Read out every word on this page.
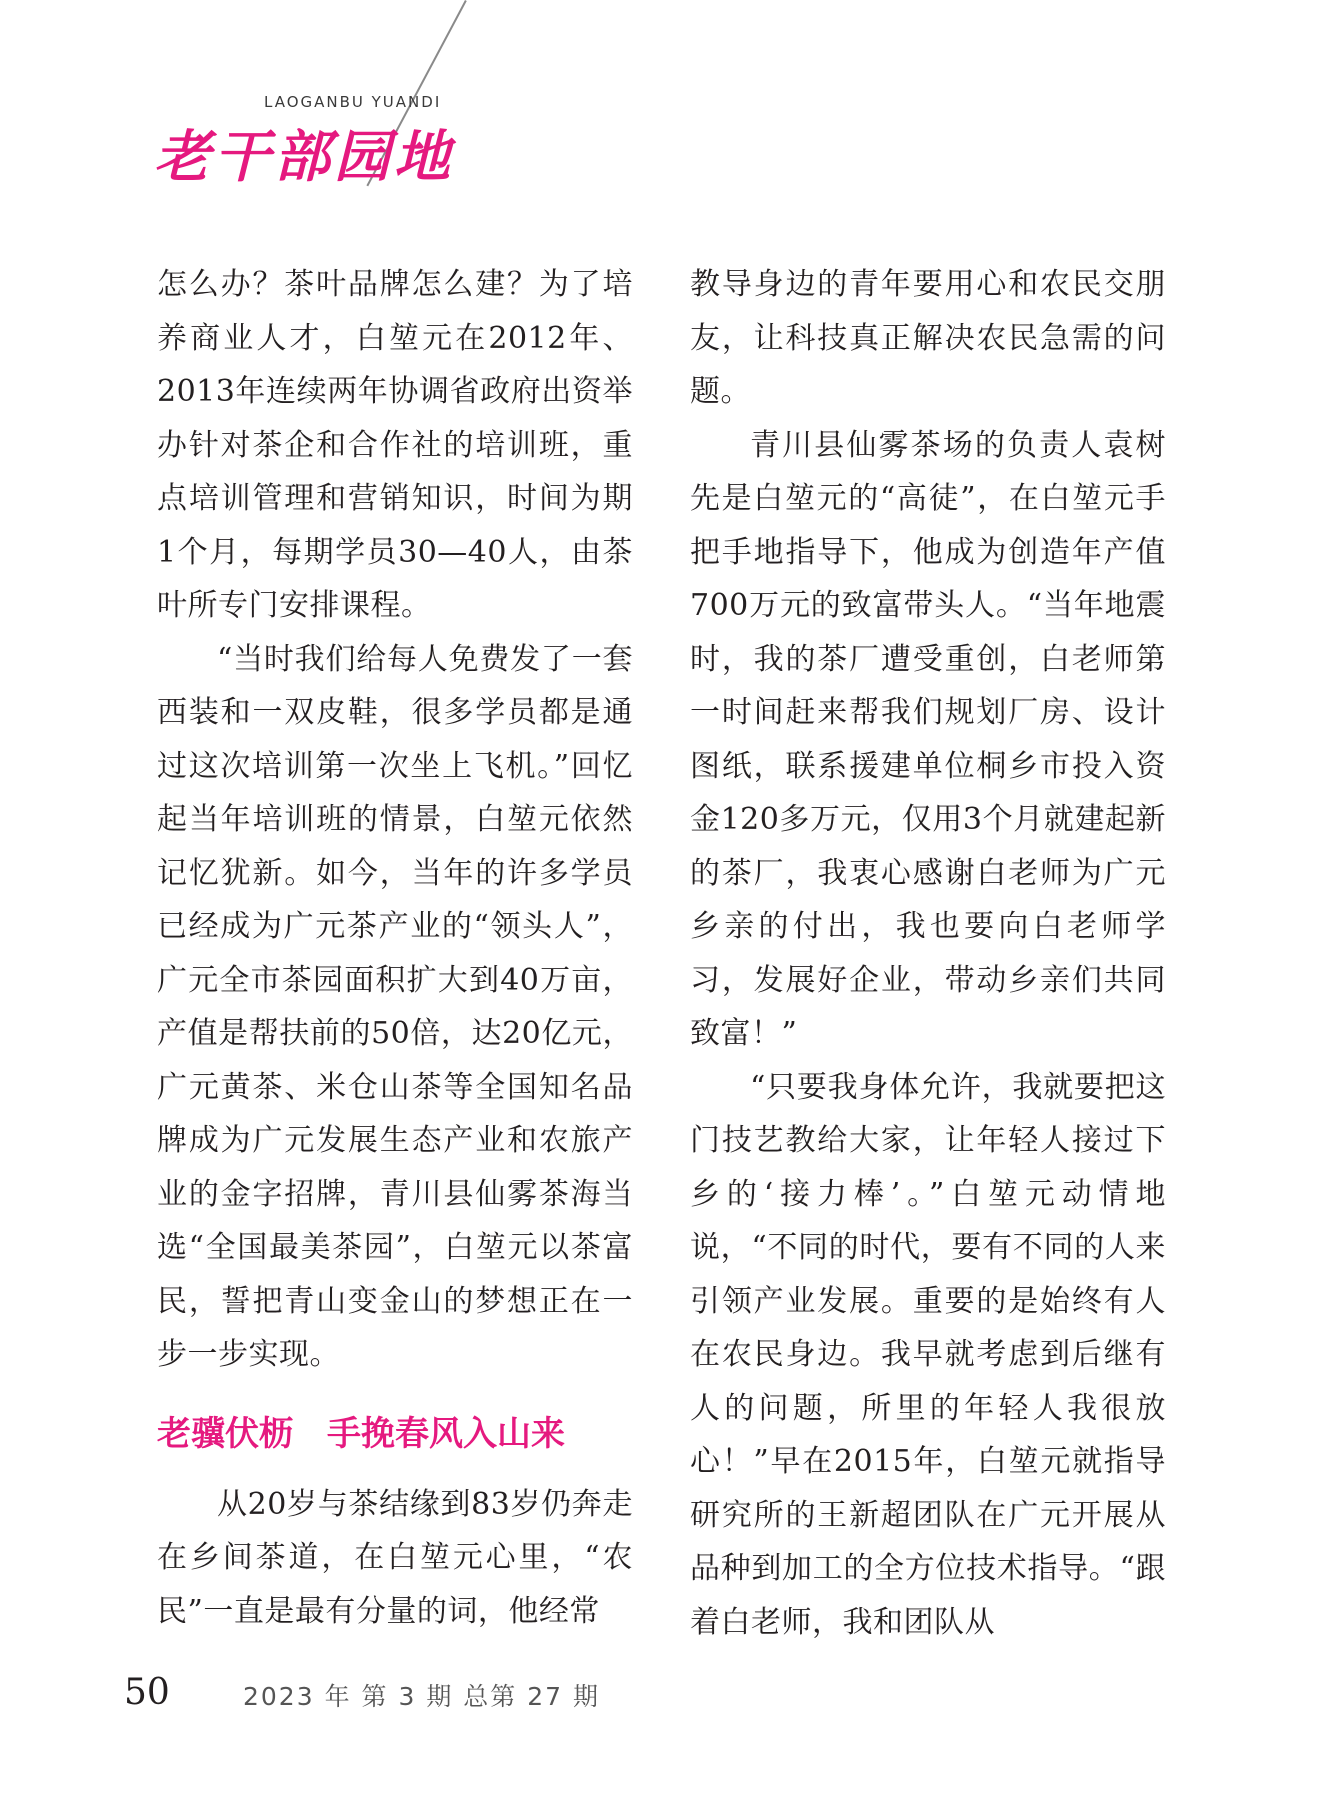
LAOGANBU YUANDI
老干部园地

怎么办？茶叶品牌怎么建？为了培养商业人才，白堃元在2012年、2013年连续两年协调省政府出资举办针对茶企和合作社的培训班，重点培训管理和营销知识，时间为期1个月，每期学员30—40人，由茶叶所专门安排课程。

“当时我们给每人免费发了一套西装和一双皮鞋，很多学员都是通过这次培训第一次坐上飞机。”回忆起当年培训班的情景，白堃元依然记忆犹新。如今，当年的许多学员已经成为广元茶产业的“领头人”，广元全市茶园面积扩大到40万亩，产值是帮扶前的50倍，达20亿元，广元黄茶、米仓山茶等全国知名品牌成为广元发展生态产业和农旅产业的金字招牌，青川县仙雾茶海当选“全国最美茶园”，白堃元以茶富民，誓把青山变金山的梦想正在一步一步实现。

老骥伏枥　手挽春风入山来

从20岁与茶结缘到83岁仍奔走在乡间茶道，在白堃元心里，“农民”一直是最有分量的词，他经常

教导身边的青年要用心和农民交朋友，让科技真正解决农民急需的问题。

青川县仙雾茶场的负责人袁树先是白堃元的“高徒”，在白堃元手把手地指导下，他成为创造年产值700万元的致富带头人。“当年地震时，我的茶厂遭受重创，白老师第一时间赶来帮我们规划厂房、设计图纸，联系援建单位桐乡市投入资金120多万元，仅用3个月就建起新的茶厂，我衷心感谢白老师为广元乡亲的付出，我也要向白老师学习，发展好企业，带动乡亲们共同致富！”

“只要我身体允许，我就要把这门技艺教给大家，让年轻人接过下乡的‘接力棒’。”白堃元动情地说，“不同的时代，要有不同的人来引领产业发展。重要的是始终有人在农民身边。我早就考虑到后继有人的问题，所里的年轻人我很放心！”早在2015年，白堃元就指导研究所的王新超团队在广元开展从品种到加工的全方位技术指导。“跟着白老师，我和团队从

50	2023 年 第 3 期 总第 27 期
